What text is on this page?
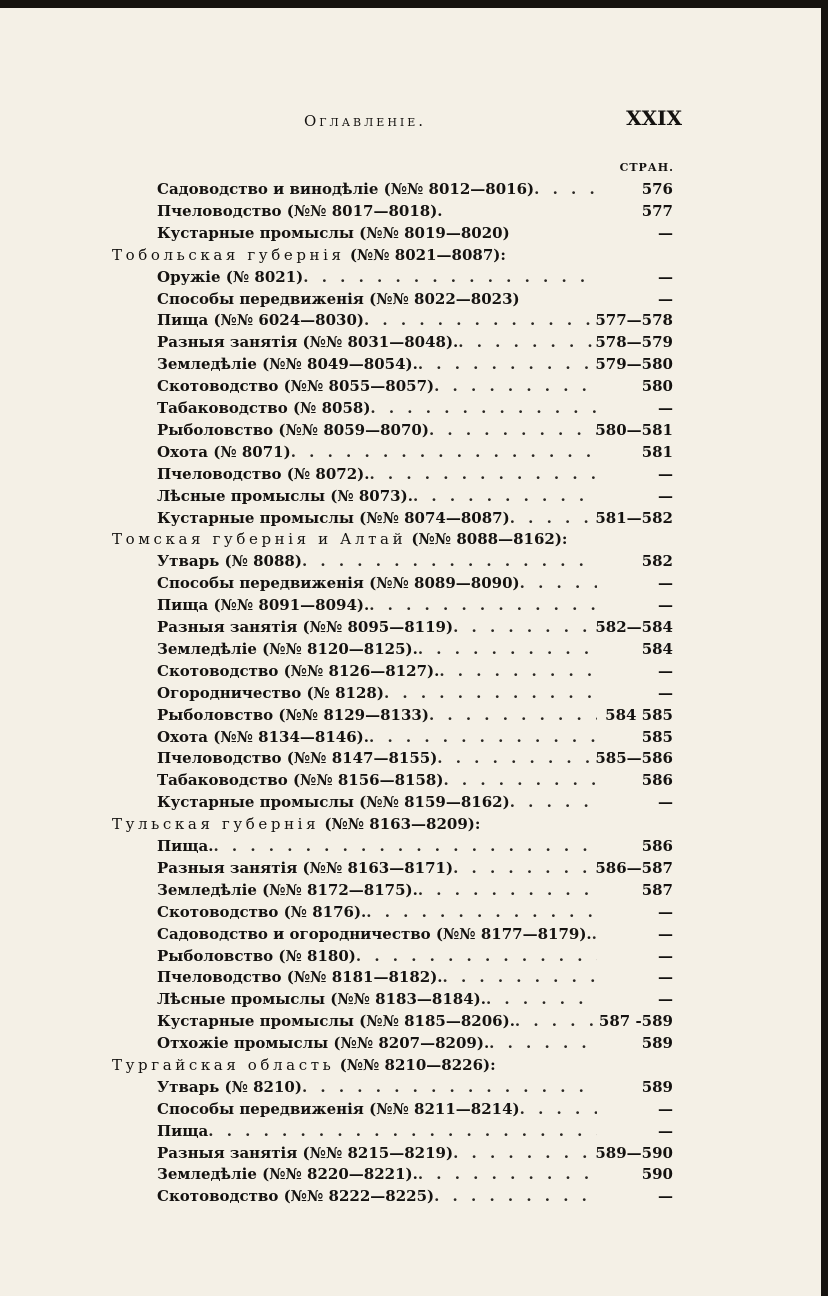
Оглавленiе.	XXIX
СТРАН.
Садоводство и винодѣлiе (№№ 8012—8016) . . .	576
Пчеловодство (№№ 8017—8018).	577
Кустарные промыслы (№№ 8019—8020)	—
Тобольская губернiя (№№ 8021—8087):
Оружiе (№ 8021) . . .	—
Способы передвиженiя (№№ 8022—8023)	—
Пища (№№ 6024—8030) . . .	577—578
Разныя занятiя (№№ 8031—8048). . . .	578—579
Земледѣлiе (№№ 8049—8054). . . .	579—580
Скотоводство (№№ 8055—8057) . . .	580
Табаководство (№ 8058) . . .	—
Рыболовство (№№ 8059—8070) . . .	580—581
Охота (№ 8071) . . .	581
Пчеловодство (№ 8072). . . .	—
Лѣсные промыслы (№ 8073). . . .	—
Кустарные промыслы (№№ 8074—8087) . . .	581—582
Томская губернiя и Алтай (№№ 8088—8162):
Утварь (№ 8088) . . .	582
Способы передвиженiя (№№ 8089—8090) . . .	—
Пища (№№ 8091—8094). . . .	—
Разныя занятiя (№№ 8095—8119) . . .	582—584
Земледѣлiе (№№ 8120—8125). . . .	584
Скотоводство (№№ 8126—8127). . . .	—
Огородничество (№ 8128) . . .	—
Рыболовство (№№ 8129—8133) . . .	584 585
Охота (№№ 8134—8146). . . .	585
Пчеловодство (№№ 8147—8155) . . .	585—586
Табаководство (№№ 8156—8158) . . .	586
Кустарные промыслы (№№ 8159—8162) . . .	—
Тульская губернiя (№№ 8163—8209):
Пища. . . .	586
Разныя занятiя (№№ 8163—8171) . . .	586—587
Земледѣлiе (№№ 8172—8175). . . .	587
Скотоводство (№ 8176). . . .	—
Садоводство и огородничество (№№ 8177—8179). . . .	—
Рыболовство (№ 8180) . . .	—
Пчеловодство (№№ 8181—8182). . . .	—
Лѣсные промыслы (№№ 8183—8184). . . .	—
Кустарные промыслы (№№ 8185—8206). . . .	587 -589
Отхожiе промыслы (№№ 8207—8209). . . .	589
Тургайская область (№№ 8210—8226):
Утварь (№ 8210) . . .	589
Способы передвиженiя (№№ 8211—8214) . . .	—
Пища . . .	—
Разныя занятiя (№№ 8215—8219) . . .	589—590
Земледѣлiе (№№ 8220—8221). . . .	590
Скотоводство (№№ 8222—8225) . . .	—
